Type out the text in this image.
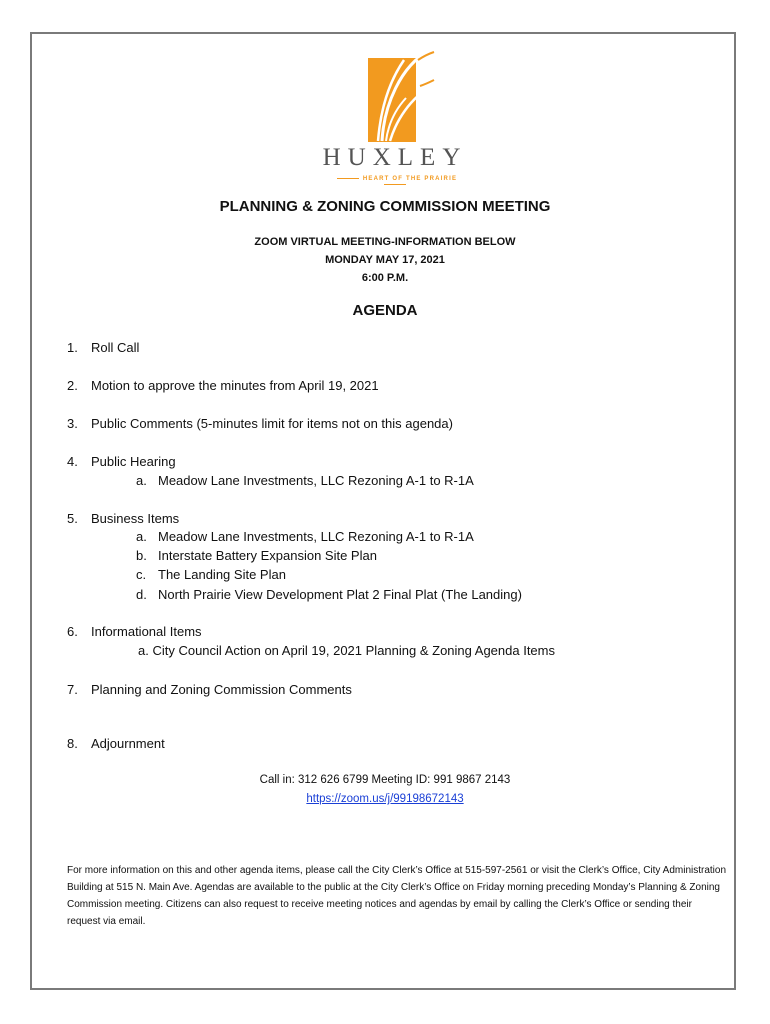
HUXLEY
HEART OF THE PRAIRIE
PLANNING & ZONING COMMISSION MEETING
ZOOM VIRTUAL MEETING-INFORMATION BELOW
MONDAY MAY 17, 2021
6:00 P.M.
AGENDA
1. Roll Call
2. Motion to approve the minutes from April 19, 2021
3. Public Comments (5-minutes limit for items not on this agenda)
4. Public Hearing
a. Meadow Lane Investments, LLC Rezoning A-1 to R-1A
5. Business Items
a. Meadow Lane Investments, LLC Rezoning A-1 to R-1A
b. Interstate Battery Expansion Site Plan
c. The Landing Site Plan
d. North Prairie View Development Plat 2 Final Plat (The Landing)
6. Informational Items
a. City Council Action on April 19, 2021 Planning & Zoning Agenda Items
7. Planning and Zoning Commission Comments
8. Adjournment
Call in: 312 626 6799 Meeting ID: 991 9867 2143
https://zoom.us/j/99198672143
For more information on this and other agenda items, please call the City Clerk’s Office at 515-597-2561 or visit the Clerk’s Office, City Administration Building at 515 N. Main Ave. Agendas are available to the public at the City Clerk’s Office on Friday morning preceding Monday’s Planning & Zoning Commission meeting. Citizens can also request to receive meeting notices and agendas by email by calling the Clerk’s Office or sending their request via email.
